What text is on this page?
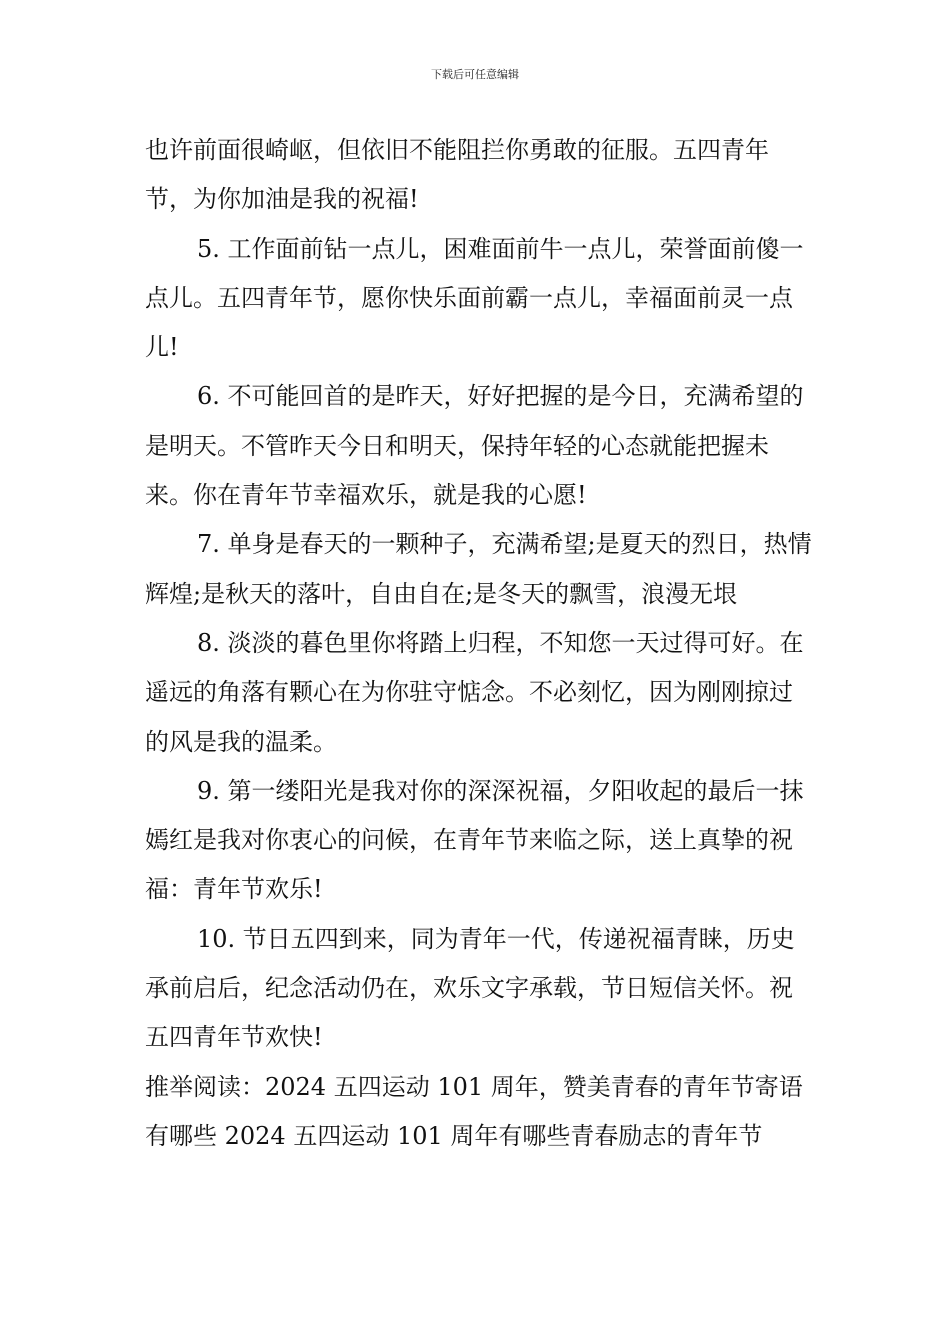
下载后可任意编辑

也许前面很崎岖，但依旧不能阻拦你勇敢的征服。五四青年节，为你加油是我的祝福!

5. 工作面前钻一点儿，困难面前牛一点儿，荣誉面前傻一点儿。五四青年节，愿你快乐面前霸一点儿，幸福面前灵一点儿!

6. 不可能回首的是昨天，好好把握的是今日，充满希望的是明天。不管昨天今日和明天，保持年轻的心态就能把握未来。你在青年节幸福欢乐，就是我的心愿!

7. 单身是春天的一颗种子，充满希望;是夏天的烈日，热情辉煌;是秋天的落叶，自由自在;是冬天的飘雪，浪漫无垠

8. 淡淡的暮色里你将踏上归程，不知您一天过得可好。在遥远的角落有颗心在为你驻守惦念。不必刻忆，因为刚刚掠过的风是我的温柔。

9. 第一缕阳光是我对你的深深祝福，夕阳收起的最后一抹嫣红是我对你衷心的问候，在青年节来临之际，送上真挚的祝福：青年节欢乐!

10. 节日五四到来，同为青年一代，传递祝福青睐，历史承前启后，纪念活动仍在，欢乐文字承载，节日短信关怀。祝五四青年节欢快!

推举阅读：2024 五四运动 101 周年，赞美青春的青年节寄语有哪些 2024 五四运动 101 周年有哪些青春励志的青年节
